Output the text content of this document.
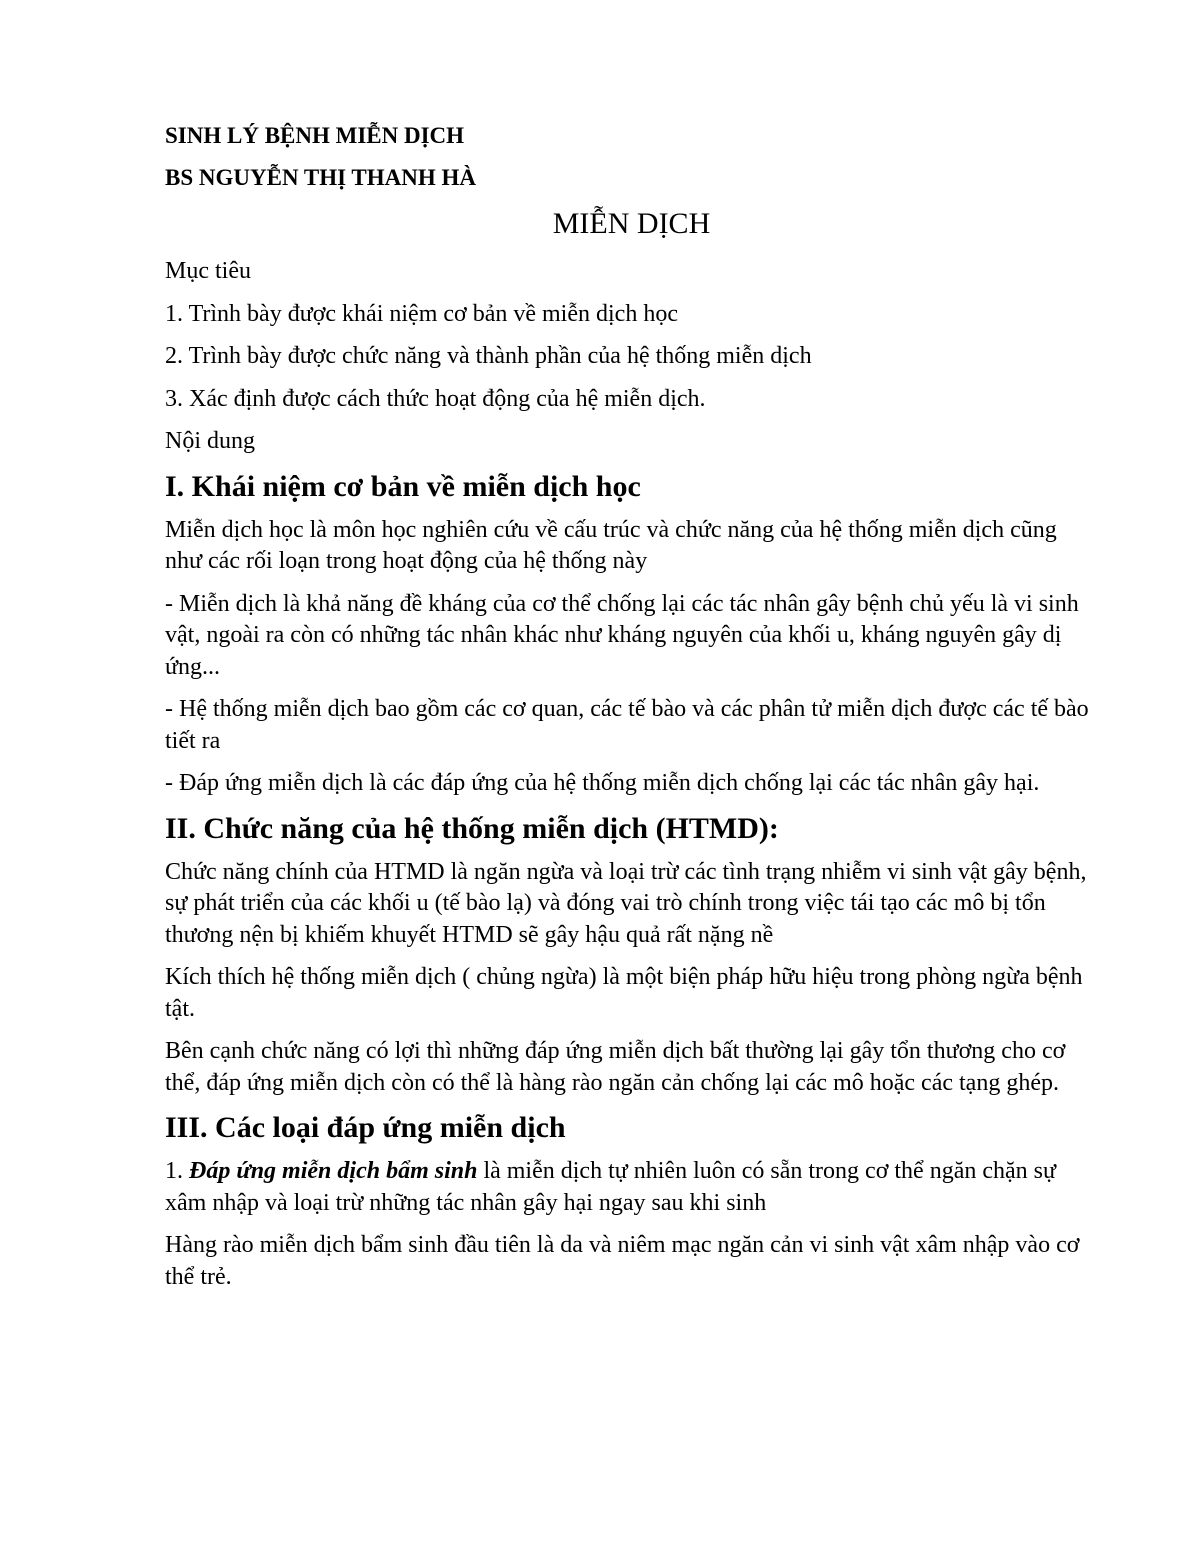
SINH LÝ BỆNH MIỄN DỊCH
BS NGUYỄN THỊ THANH HÀ
MIỄN DỊCH
Mục tiêu
1. Trình bày được khái niệm cơ bản về miễn dịch học
2. Trình bày được chức năng và thành phần của hệ thống miễn dịch
3. Xác định được cách thức hoạt động của hệ miễn dịch.
Nội dung
I. Khái niệm cơ bản về miễn dịch học
Miễn dịch học là môn học nghiên cứu về cấu trúc và chức năng của hệ thống miễn dịch cũng như các rối loạn trong hoạt động của hệ thống này
- Miễn dịch là khả năng đề kháng của cơ thể chống lại các tác nhân gây bệnh chủ yếu là vi sinh vật, ngoài ra còn có những tác nhân khác như kháng nguyên của khối u, kháng nguyên gây dị ứng...
- Hệ thống miễn dịch bao gồm các cơ quan, các tế bào và các phân tử miễn dịch được các tế bào tiết ra
- Đáp ứng miễn dịch là các đáp ứng của hệ thống miễn dịch chống lại các tác nhân gây hại.
II. Chức năng của hệ thống miễn dịch (HTMD):
Chức năng chính của HTMD là ngăn ngừa và loại trừ các tình trạng nhiễm vi sinh vật gây bệnh, sự phát triển của các khối u (tế bào lạ) và đóng vai trò chính trong việc tái tạo các mô bị tổn thương nện bị khiếm khuyết HTMD sẽ gây hậu quả rất nặng nề
Kích thích hệ thống miễn dịch ( chủng ngừa) là một biện pháp hữu hiệu trong phòng ngừa bệnh tật.
Bên cạnh chức năng có lợi thì những đáp ứng miễn dịch bất thường lại gây tổn thương cho cơ thể, đáp ứng miễn dịch còn có thể là hàng rào ngăn cản chống lại các mô hoặc các tạng ghép.
III. Các loại đáp ứng miễn dịch
1. Đáp ứng miễn dịch bẩm sinh là miễn dịch tự nhiên luôn có sẵn trong cơ thể ngăn chặn sự xâm nhập và loại trừ những tác nhân gây hại ngay sau khi sinh
Hàng rào miễn dịch bẩm sinh đầu tiên là da và niêm mạc ngăn cản vi sinh vật xâm nhập vào cơ thể trẻ.
